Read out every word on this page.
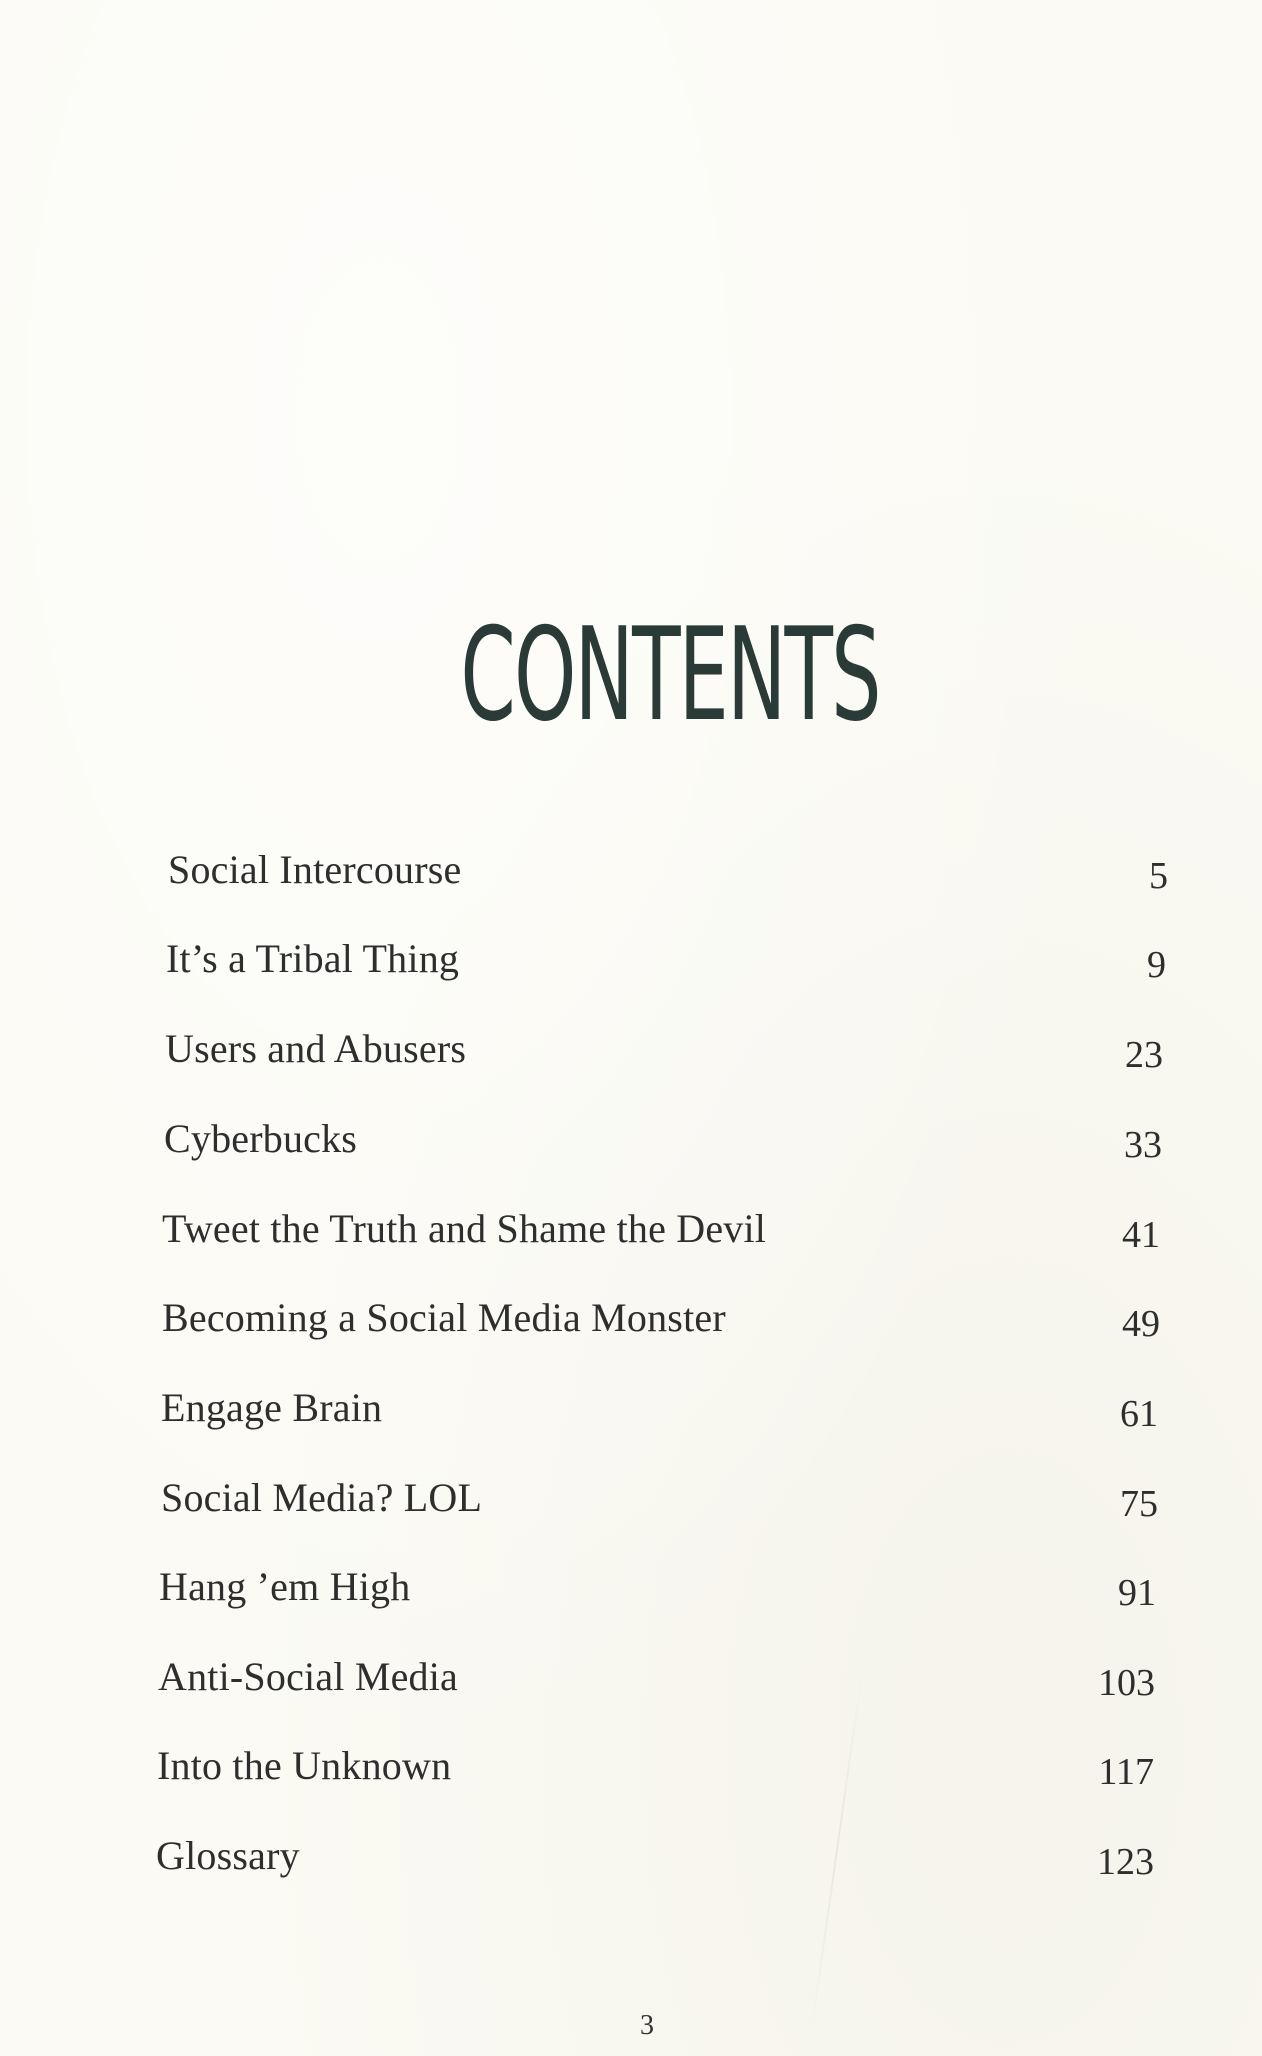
CONTENTS
Social Intercourse	5
It’s a Tribal Thing	9
Users and Abusers	23
Cyberbucks	33
Tweet the Truth and Shame the Devil	41
Becoming a Social Media Monster	49
Engage Brain	61
Social Media? LOL	75
Hang ’em High	91
Anti-Social Media	103
Into the Unknown	117
Glossary	123
3
